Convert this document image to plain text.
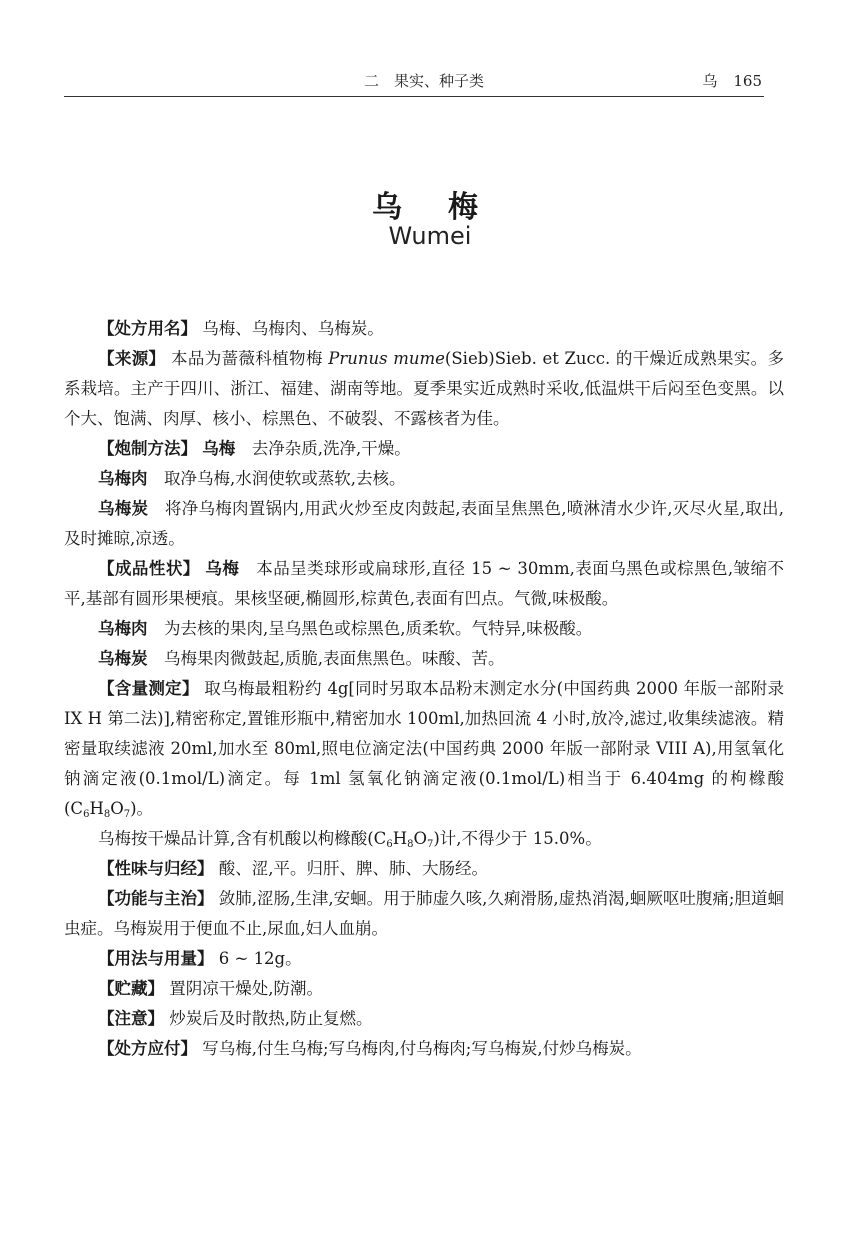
二　果实、种子类	乌 165
乌梅
Wumei

【处方用名】 乌梅、乌梅肉、乌梅炭。

【来源】 本品为蔷薇科植物梅 Prunus mume(Sieb)Sieb. et Zucc. 的干燥近成熟果实。多系栽培。主产于四川、浙江、福建、湖南等地。夏季果实近成熟时采收,低温烘干后闷至色变黑。以个大、饱满、肉厚、核小、棕黑色、不破裂、不露核者为佳。

【炮制方法】 乌梅　 去净杂质,洗净,干燥。

乌梅肉　 取净乌梅,水润使软或蒸软,去核。

乌梅炭　 将净乌梅肉置锅内,用武火炒至皮肉鼓起,表面呈焦黑色,喷淋清水少许,灭尽火星,取出,及时摊晾,凉透。

【成品性状】 乌梅　 本品呈类球形或扁球形,直径 15 ~ 30mm,表面乌黑色或棕黑色,皱缩不平,基部有圆形果梗痕。果核坚硬,椭圆形,棕黄色,表面有凹点。气微,味极酸。

乌梅肉　 为去核的果肉,呈乌黑色或棕黑色,质柔软。气特异,味极酸。

乌梅炭　 乌梅果肉微鼓起,质脆,表面焦黑色。味酸、苦。

【含量测定】 取乌梅最粗粉约 4g[同时另取本品粉末测定水分(中国药典 2000 年版一部附录 IX H 第二法)],精密称定,置锥形瓶中,精密加水 100ml,加热回流 4 小时,放冷,滤过,收集续滤液。精密量取续滤液 20ml,加水至 80ml,照电位滴定法(中国药典 2000 年版一部附录 VIII A),用氢氧化钠滴定液(0.1mol/L)滴定。每 1ml 氢氧化钠滴定液(0.1mol/L)相当于 6.404mg 的枸橼酸$(C_6H_8O_7)$。

乌梅按干燥品计算,含有机酸以枸橼酸$(C_6H_8O_7)$计,不得少于 15.0%。

【性味与归经】 酸、涩,平。归肝、脾、肺、大肠经。

【功能与主治】 敛肺,涩肠,生津,安蛔。用于肺虚久咳,久痢滑肠,虚热消渴,蛔厥呕吐腹痛;胆道蛔虫症。乌梅炭用于便血不止,尿血,妇人血崩。

【用法与用量】 6 ~ 12g。

【贮藏】 置阴凉干燥处,防潮。

【注意】 炒炭后及时散热,防止复燃。

【处方应付】 写乌梅,付生乌梅;写乌梅肉,付乌梅肉;写乌梅炭,付炒乌梅炭。
